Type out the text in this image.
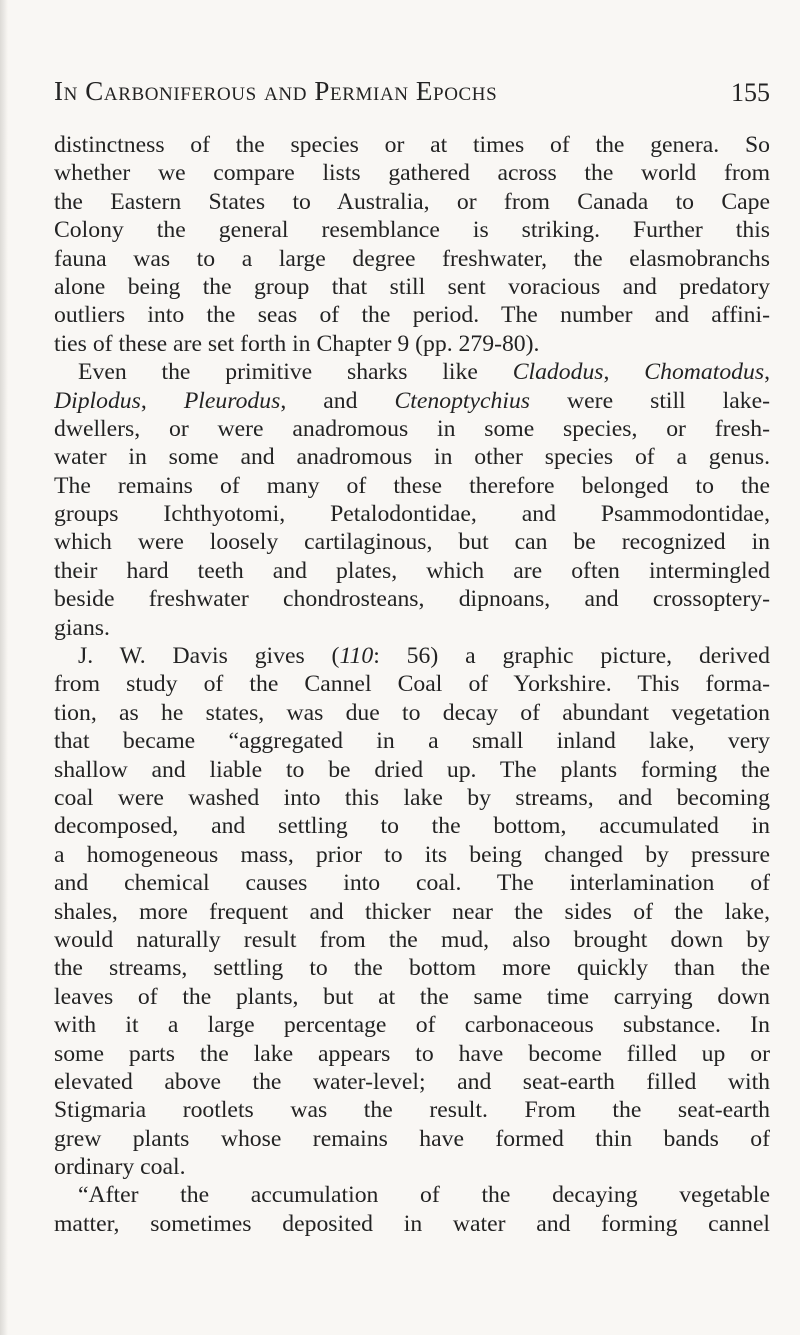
In Carboniferous and Permian Epochs	155
distinctness of the species or at times of the genera. So
whether we compare lists gathered across the world from
the Eastern States to Australia, or from Canada to Cape
Colony the general resemblance is striking. Further this
fauna was to a large degree freshwater, the elasmobranchs
alone being the group that still sent voracious and predatory
outliers into the seas of the period. The number and affini-
ties of these are set forth in Chapter 9 (pp. 279-80).
Even the primitive sharks like Cladodus, Chomatodus,
Diplodus, Pleurodus, and Ctenoptychius were still lake-
dwellers, or were anadromous in some species, or fresh-
water in some and anadromous in other species of a genus.
The remains of many of these therefore belonged to the
groups Ichthyotomi, Petalodontidae, and Psammodontidae,
which were loosely cartilaginous, but can be recognized in
their hard teeth and plates, which are often intermingled
beside freshwater chondrosteans, dipnoans, and crossoptery-
gians.
J. W. Davis gives (110: 56) a graphic picture, derived
from study of the Cannel Coal of Yorkshire. This forma-
tion, as he states, was due to decay of abundant vegetation
that became “aggregated in a small inland lake, very
shallow and liable to be dried up. The plants forming the
coal were washed into this lake by streams, and becoming
decomposed, and settling to the bottom, accumulated in
a homogeneous mass, prior to its being changed by pressure
and chemical causes into coal. The interlamination of
shales, more frequent and thicker near the sides of the lake,
would naturally result from the mud, also brought down by
the streams, settling to the bottom more quickly than the
leaves of the plants, but at the same time carrying down
with it a large percentage of carbonaceous substance. In
some parts the lake appears to have become filled up or
elevated above the water-level; and seat-earth filled with
Stigmaria rootlets was the result. From the seat-earth
grew plants whose remains have formed thin bands of
ordinary coal.
“After the accumulation of the decaying vegetable
matter, sometimes deposited in water and forming cannel
